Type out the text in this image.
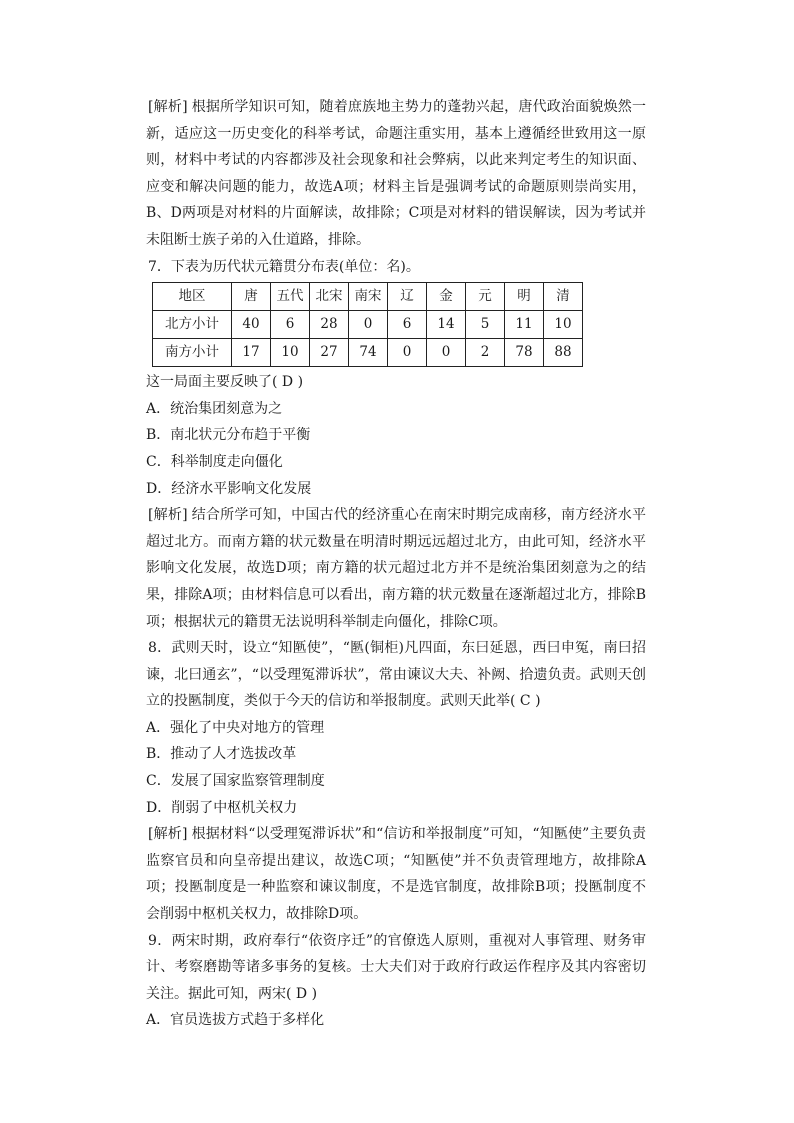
[解析] 根据所学知识可知，随着庶族地主势力的蓬勃兴起，唐代政治面貌焕然一新，适应这一历史变化的科举考试，命题注重实用，基本上遵循经世致用这一原则，材料中考试的内容都涉及社会现象和社会弊病，以此来判定考生的知识面、应变和解决问题的能力，故选A项；材料主旨是强调考试的命题原则崇尚实用，B、D两项是对材料的片面解读，故排除；C项是对材料的错误解读，因为考试并未阻断士族子弟的入仕道路，排除。

7．下表为历代状元籍贯分布表(单位：名)。

地区	唐	五代	北宋	南宋	辽	金	元	明	清
北方小计	40	6	28	0	6	14	5	11	10
南方小计	17	10	27	74	0	0	2	78	88

这一局面主要反映了( D )

A．统治集团刻意为之

B．南北状元分布趋于平衡

C．科举制度走向僵化

D．经济水平影响文化发展

[解析] 结合所学可知，中国古代的经济重心在南宋时期完成南移，南方经济水平超过北方。而南方籍的状元数量在明清时期远远超过北方，由此可知，经济水平影响文化发展，故选D项；南方籍的状元超过北方并不是统治集团刻意为之的结果，排除A项；由材料信息可以看出，南方籍的状元数量在逐渐超过北方，排除B项；根据状元的籍贯无法说明科举制走向僵化，排除C项。

8．武则天时，设立“知匦使”，“匦(铜柜)凡四面，东曰延恩，西曰申冤，南曰招谏，北曰通玄”，“以受理冤滞诉状”，常由谏议大夫、补阙、拾遗负责。武则天创立的投匦制度，类似于今天的信访和举报制度。武则天此举( C )

A．强化了中央对地方的管理

B．推动了人才选拔改革

C．发展了国家监察管理制度

D．削弱了中枢机关权力

[解析] 根据材料“以受理冤滞诉状”和“信访和举报制度”可知，“知匦使”主要负责监察官员和向皇帝提出建议，故选C项；“知匦使”并不负责管理地方，故排除A项；投匦制度是一种监察和谏议制度，不是选官制度，故排除B项；投匦制度不会削弱中枢机关权力，故排除D项。

9．两宋时期，政府奉行“依资序迁”的官僚选人原则，重视对人事管理、财务审计、考察磨勘等诸多事务的复核。士大夫们对于政府行政运作程序及其内容密切关注。据此可知，两宋( D )

A．官员选拔方式趋于多样化
